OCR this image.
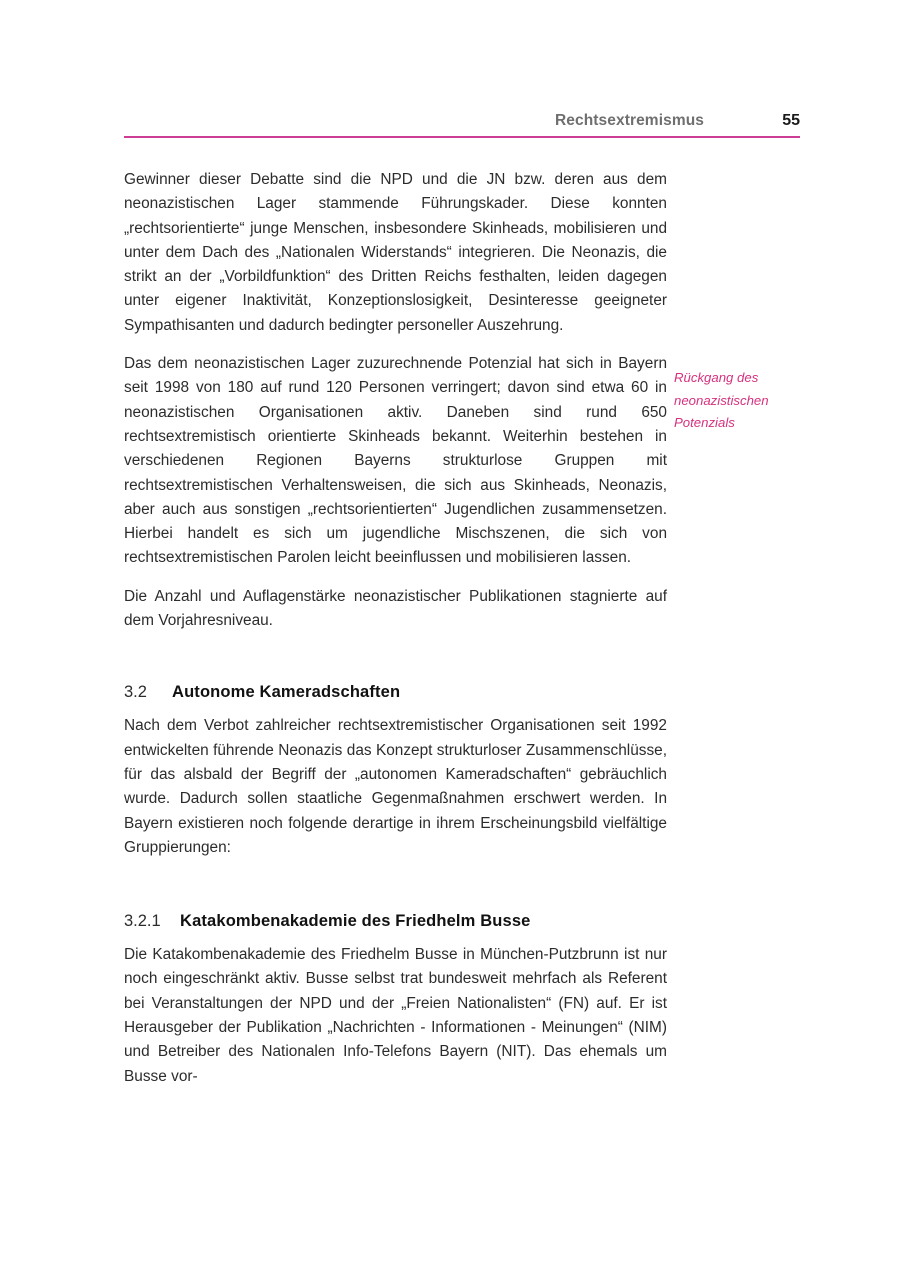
Rechtsextremismus	55
Rückgang des
neonazistischen
Potenzials

Gewinner dieser Debatte sind die NPD und die JN bzw. deren aus dem neonazistischen Lager stammende Führungskader. Diese konnten „rechtsorientierte“ junge Menschen, insbesondere Skinheads, mobilisieren und unter dem Dach des „Nationalen Widerstands“ integrieren. Die Neonazis, die strikt an der „Vorbildfunktion“ des Dritten Reichs festhalten, leiden dagegen unter eigener Inaktivität, Konzeptionslosigkeit, Desinteresse geeigneter Sympathisanten und dadurch bedingter personeller Auszehrung.

Das dem neonazistischen Lager zuzurechnende Potenzial hat sich in Bayern seit 1998 von 180 auf rund 120 Personen verringert; davon sind etwa 60 in neonazistischen Organisationen aktiv. Daneben sind rund 650 rechtsextremistisch orientierte Skinheads bekannt. Weiterhin bestehen in verschiedenen Regionen Bayerns strukturlose Gruppen mit rechtsextremistischen Verhaltensweisen, die sich aus Skinheads, Neonazis, aber auch aus sonstigen „rechtsorientierten“ Jugendlichen zusammensetzen. Hierbei handelt es sich um jugendliche Mischszenen, die sich von rechtsextremistischen Parolen leicht beeinflussen und mobilisieren lassen.

Die Anzahl und Auflagenstärke neonazistischer Publikationen stagnierte auf dem Vorjahresniveau.

3.2	Autonome Kameradschaften

Nach dem Verbot zahlreicher rechtsextremistischer Organisationen seit 1992 entwickelten führende Neonazis das Konzept strukturloser Zusammenschlüsse, für das alsbald der Begriff der „autonomen Kameradschaften“ gebräuchlich wurde. Dadurch sollen staatliche Gegenmaßnahmen erschwert werden. In Bayern existieren noch folgende derartige in ihrem Erscheinungsbild vielfältige Gruppierungen:

3.2.1	Katakombenakademie des Friedhelm Busse

Die Katakombenakademie des Friedhelm Busse in München-Putzbrunn ist nur noch eingeschränkt aktiv. Busse selbst trat bundesweit mehrfach als Referent bei Veranstaltungen der NPD und der „Freien Nationalisten“ (FN) auf. Er ist Herausgeber der Publikation „Nachrichten - Informationen - Meinungen“ (NIM) und Betreiber des Nationalen Info-Telefons Bayern (NIT). Das ehemals um Busse vor-
